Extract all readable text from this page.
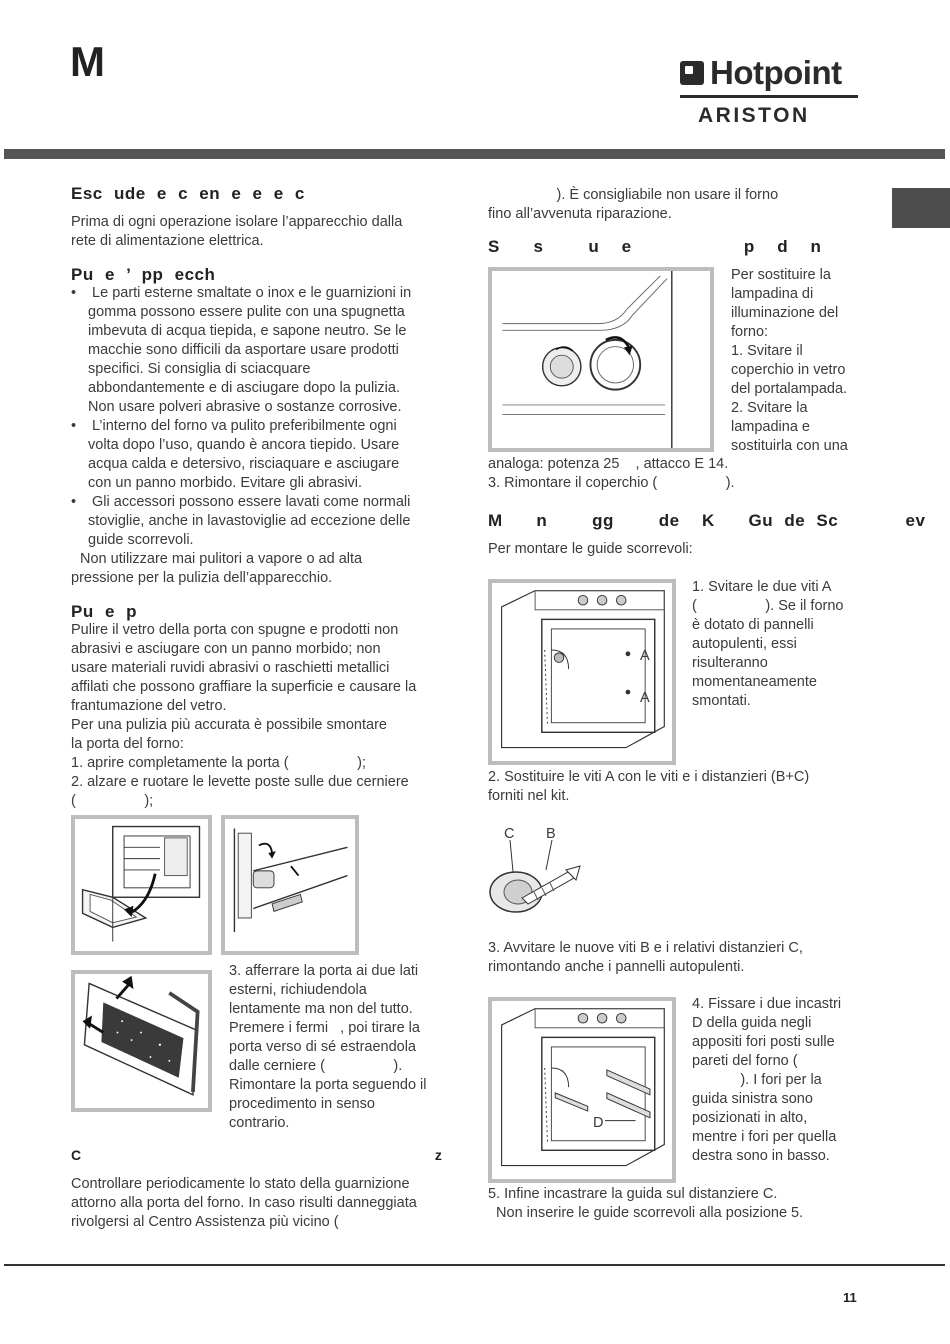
M	Hotpoint
ARISTON
Esc ude e c en e e e c

Prima di ogni operazione isolare l’apparecchio dalla

rete di alimentazione elettrica.

Pu e ’ pp ecch

• Le parti esterne smaltate o inox e le guarnizioni in
gomma possono essere pulite con una spugnetta
imbevuta di acqua tiepida, e sapone neutro. Se le
macchie sono difficili da asportare usare prodotti
specifici. Si consiglia di sciacquare
abbondantemente e di asciugare dopo la pulizia.
Non usare polveri abrasive o sostanze corrosive.

• L’interno del forno va pulito preferibilmente ogni
volta dopo l’uso, quando è ancora tiepido. Usare
acqua calda e detersivo, risciaquare e asciugare
con un panno morbido. Evitare gli abrasivi.

• Gli accessori possono essere lavati come normali
stoviglie, anche in lavastoviglie ad eccezione delle
guide scorrevoli.

Non utilizzare mai pulitori a vapore o ad alta

pressione per la pulizia dell’apparecchio.

Pu e p

Pulire il vetro della porta con spugne e prodotti non

abrasivi e asciugare con un panno morbido; non

usare materiali ruvidi abrasivi o raschietti metallici

affilati che possono graffiare la superficie e causare la

frantumazione del vetro.

Per una pulizia più accurata è possibile smontare

la porta del forno:

1. aprire completamente la porta (                 );

2. alzare e ruotare le levette poste sulle due cerniere

(                 );

3. afferrare la porta ai due lati

esterni, richiudendola

lentamente ma non del tutto.

Premere i fermi   , poi tirare la

porta verso di sé estraendola

dalle cerniere (                 ).

Rimontare la porta seguendo il

procedimento in senso

contrario.

C                                  z

Controllare periodicamente lo stato della guarnizione

attorno alla porta del forno. In caso risulti danneggiata

rivolgersi al Centro Assistenza più vicino (

). È consigliabile non usare il forno

fino all’avvenuta riparazione.

S   s    u  e          p  d  n

Per sostituire la

lampadina di

illuminazione del

forno:

1. Svitare il

coperchio in vetro

del portalampada.

2. Svitare la

lampadina e

sostituirla con una

analoga: potenza 25    , attacco E 14.

3. Rimontare il coperchio (                 ).

M   n    gg    de  K   Gu de Sc      ev

Per montare le guide scorrevoli:

A
A

1. Svitare le due viti A

(                 ). Se il forno

è dotato di pannelli

autopulenti, essi

risulteranno

momentaneamente

smontati.

2. Sostituire le viti A con le viti e i distanzieri (B+C)

forniti nel kit.

C B

3. Avvitare le nuove viti B e i relativi distanzieri C,

rimontando anche i pannelli autopulenti.

D

4. Fissare i due incastri

D della guida negli

appositi fori posti sulle

pareti del forno (

). I fori per la

guida sinistra sono

posizionati in alto,

mentre i fori per quella

destra sono in basso.

5. Infine incastrare la guida sul distanziere C.

Non inserire le guide scorrevoli alla posizione 5.

11
